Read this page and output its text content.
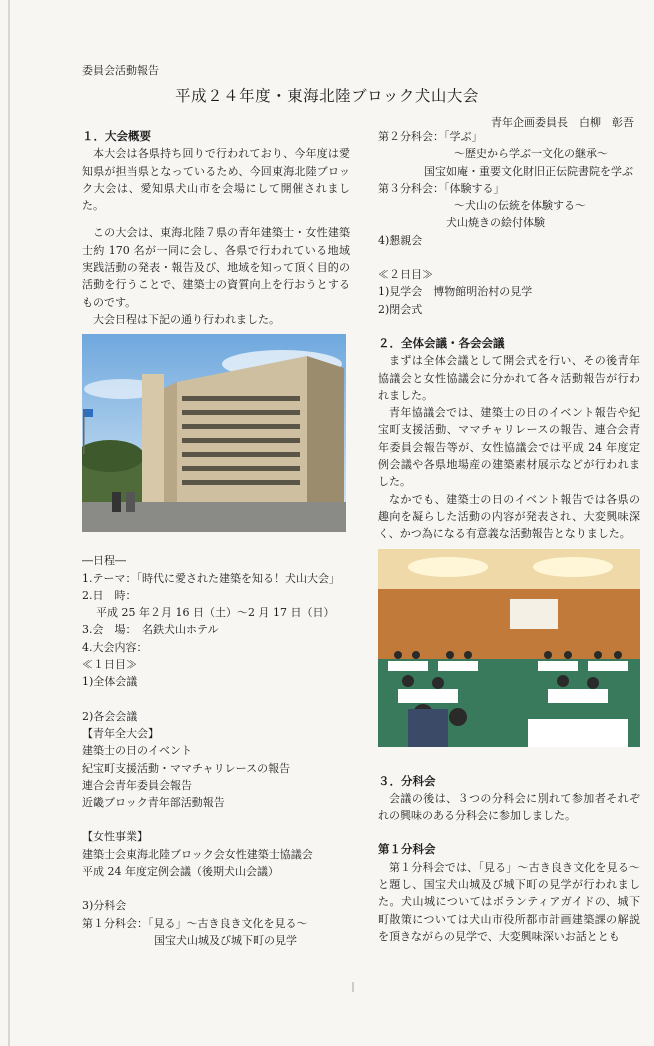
委員会活動報告
平成２４年度・東海北陸ブロック犬山大会
青年企画委員長　白柳　彰吾
１．大会概要

本大会は各県持ち回りで行われており、今年度は愛知県が担当県となっているため、今回東海北陸ブロック大会は、愛知県犬山市を会場にして開催されました。

この大会は、東海北陸７県の青年建築士・女性建築士約 170 名が一同に会し、各県で行われている地域実践活動の発表・報告及び、地域を知って頂く目的の活動を行うことで、建築士の資質向上を行おうとするものです。

大会日程は下記の通り行われました。

―日程―
1.テーマ：「時代に愛された建築を知る！犬山大会」
2.日　時：
平成 25 年２月 16 日（土）～2 月 17 日（日）
3.会　場：　名鉄犬山ホテル
4.大会内容：
≪１日目≫
1)全体会議
2)各会会議
【青年全大会】
建築士の日のイベント
紀宝町支援活動・ママチャリレースの報告
連合会青年委員会報告
近畿ブロック青年部活動報告
【女性事業】
建築士会東海北陸ブロック会女性建築士協議会
平成 24 年度定例会議（後期犬山会議）
3)分科会
第１分科会：「見る」～古き良き文化を見る～
国宝犬山城及び城下町の見学
第２分科会：「学ぶ」
～歴史から学ぶ一文化の継承～
国宝如庵・重要文化財旧正伝院書院を学ぶ
第３分科会：「体験する」
～犬山の伝統を体験する～
犬山焼きの絵付体験
4)懇親会
≪２日目≫
1)見学会　博物館明治村の見学
2)閉会式
２．全体会議・各会会議

まずは全体会議として開会式を行い、その後青年協議会と女性協議会に分かれて各々活動報告が行われました。

青年協議会では、建築士の日のイベント報告や紀宝町支援活動、ママチャリレースの報告、連合会青年委員会報告等が、女性協議会では平成 24 年度定例会議や各県地場産の建築素材展示などが行われました。

なかでも、建築士の日のイベント報告では各県の趣向を凝らした活動の内容が発表され、大変興味深く、かつ為になる有意義な活動報告となりました。

３．分科会

会議の後は、３つの分科会に別れて参加者それぞれの興味のある分科会に参加しました。

第１分科会

第１分科会では、「見る」～古き良き文化を見る～と題し、国宝犬山城及び城下町の見学が行われました。犬山城についてはボランティアガイドの、城下町散策については犬山市役所都市計画建築課の解説を頂きながらの見学で、大変興味深いお話ととも
